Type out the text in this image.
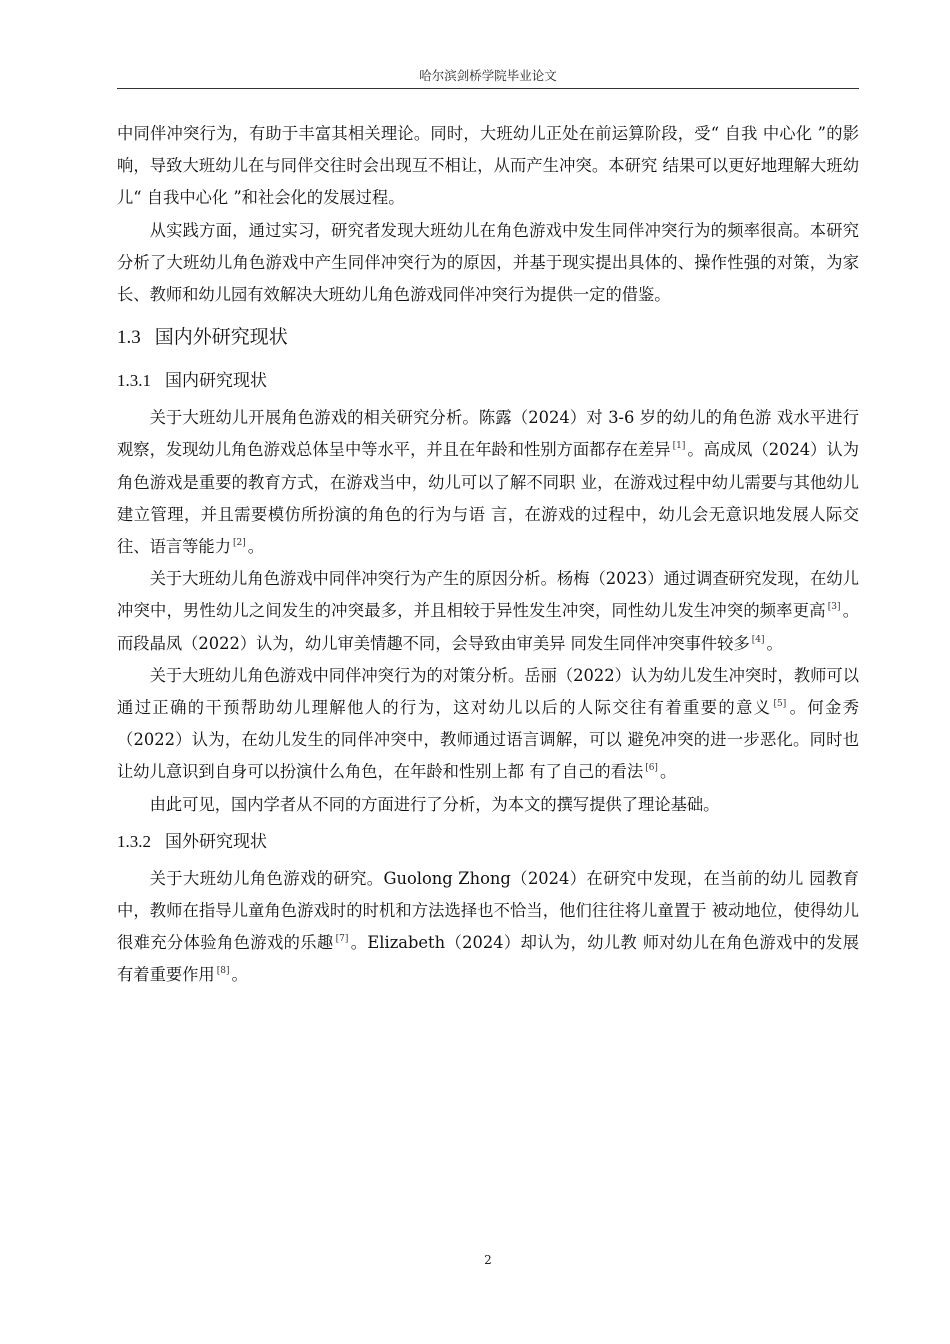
哈尔滨剑桥学院毕业论文

中同伴冲突行为，有助于丰富其相关理论。同时，大班幼儿正处在前运算阶段，受“ 自我 中心化 ”的影响，导致大班幼儿在与同伴交往时会出现互不相让，从而产生冲突。本研究 结果可以更好地理解大班幼儿“ 自我中心化 ”和社会化的发展过程。

从实践方面，通过实习，研究者发现大班幼儿在角色游戏中发生同伴冲突行为的频率很高。本研究分析了大班幼儿角色游戏中产生同伴冲突行为的原因，并基于现实提出具体的、操作性强的对策，为家长、教师和幼儿园有效解决大班幼儿角色游戏同伴冲突行为提供一定的借鉴。

1.3 国内外研究现状
1.3.1 国内研究现状

关于大班幼儿开展角色游戏的相关研究分析。陈露（2024）对 3-6 岁的幼儿的角色游 戏水平进行观察，发现幼儿角色游戏总体呈中等水平，并且在年龄和性别方面都存在差异 [1] 。高成凤（2024）认为角色游戏是重要的教育方式，在游戏当中，幼儿可以了解不同职 业，在游戏过程中幼儿需要与其他幼儿建立管理，并且需要模仿所扮演的角色的行为与语 言，在游戏的过程中，幼儿会无意识地发展人际交往、语言等能力 [2] 。

关于大班幼儿角色游戏中同伴冲突行为产生的原因分析。杨梅（2023）通过调查研究发现，在幼儿冲突中，男性幼儿之间发生的冲突最多，并且相较于异性发生冲突，同性幼儿发生冲突的频率更高 [3] 。而段晶凤（2022）认为，幼儿审美情趣不同，会导致由审美异 同发生同伴冲突事件较多 [4] 。

关于大班幼儿角色游戏中同伴冲突行为的对策分析。岳丽（2022）认为幼儿发生冲突时，教师可以通过正确的干预帮助幼儿理解他人的行为，这对幼儿以后的人际交往有着重要的意义 [5] 。何金秀（2022）认为，在幼儿发生的同伴冲突中，教师通过语言调解，可以 避免冲突的进一步恶化。同时也让幼儿意识到自身可以扮演什么角色，在年龄和性别上都 有了自己的看法 [6] 。

由此可见，国内学者从不同的方面进行了分析，为本文的撰写提供了理论基础。

1.3.2 国外研究现状

关于大班幼儿角色游戏的研究。Guolong Zhong（2024）在研究中发现，在当前的幼儿 园教育中，教师在指导儿童角色游戏时的时机和方法选择也不恰当，他们往往将儿童置于 被动地位，使得幼儿很难充分体验角色游戏的乐趣 [7] 。Elizabeth（2024）却认为，幼儿教 师对幼儿在角色游戏中的发展有着重要作用 [8] 。

2
